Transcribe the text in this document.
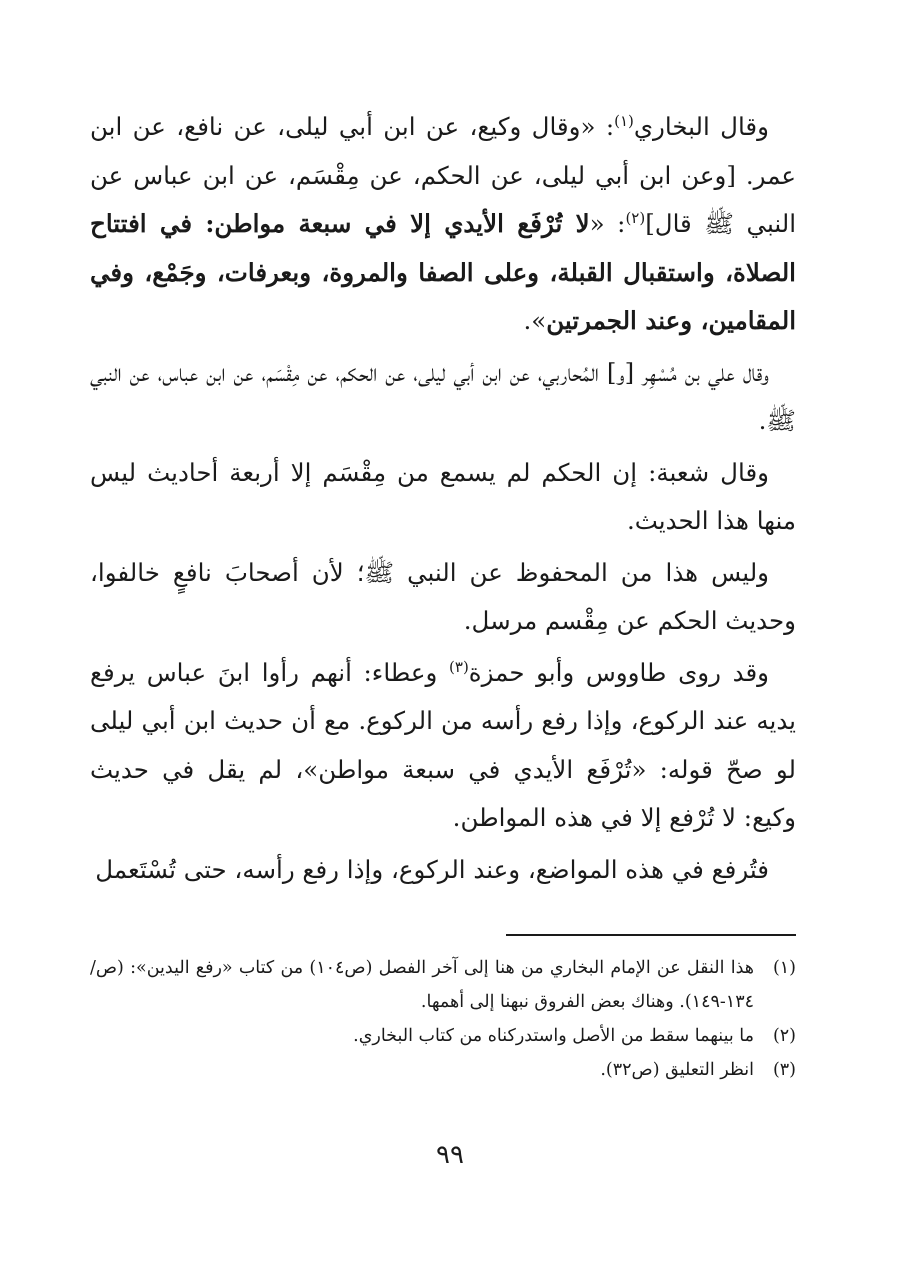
وقال البخاري$^{(١)}$: «وقال وكيع، عن ابن أبي ليلى، عن نافع، عن ابن عمر. [وعن ابن أبي ليلى، عن الحكم، عن مِقْسَم، عن ابن عباس عن النبي ﷺ قال]$^{(٢)}$: «لا تُرْفَع الأيدي إلا في سبعة مواطن: في افتتاح الصلاة، واستقبال القبلة، وعلى الصفا والمروة، وبعرفات، وجَمْع، وفي المقامين، وعند الجمرتين».

وقال علي بن مُسْهِر [و] المُحاربي، عن ابن أبي ليلى، عن الحكم، عن مِقْسَم، عن ابن عباس، عن النبي ﷺ.

وقال شعبة: إن الحكم لم يسمع من مِقْسَم إلا أربعة أحاديث ليس منها هذا الحديث.

وليس هذا من المحفوظ عن النبي ﷺ؛ لأن أصحابَ نافعٍ خالفوا، وحديث الحكم عن مِقْسم مرسل.

وقد روى طاووس وأبو حمزة$^{(٣)}$ وعطاء: أنهم رأوا ابنَ عباس يرفع يديه عند الركوع، وإذا رفع رأسه من الركوع. مع أن حديث ابن أبي ليلى لو صحّ قوله: «تُرْفَع الأيدي في سبعة مواطن»، لم يقل في حديث وكيع: لا تُرْفع إلا في هذه المواطن.

فتُرفع في هذه المواضع، وعند الركوع، وإذا رفع رأسه، حتى تُسْتَعمل

(١)
هذا النقل عن الإمام البخاري من هنا إلى آخر الفصل (ص١٠٤) من كتاب «رفع اليدين»: (ص/ ١٣٤-١٤٩). وهناك بعض الفروق نبهنا إلى أهمها.
(٢)
ما بينهما سقط من الأصل واستدركناه من كتاب البخاري.
(٣)
انظر التعليق (ص٣٢).
٩٩
